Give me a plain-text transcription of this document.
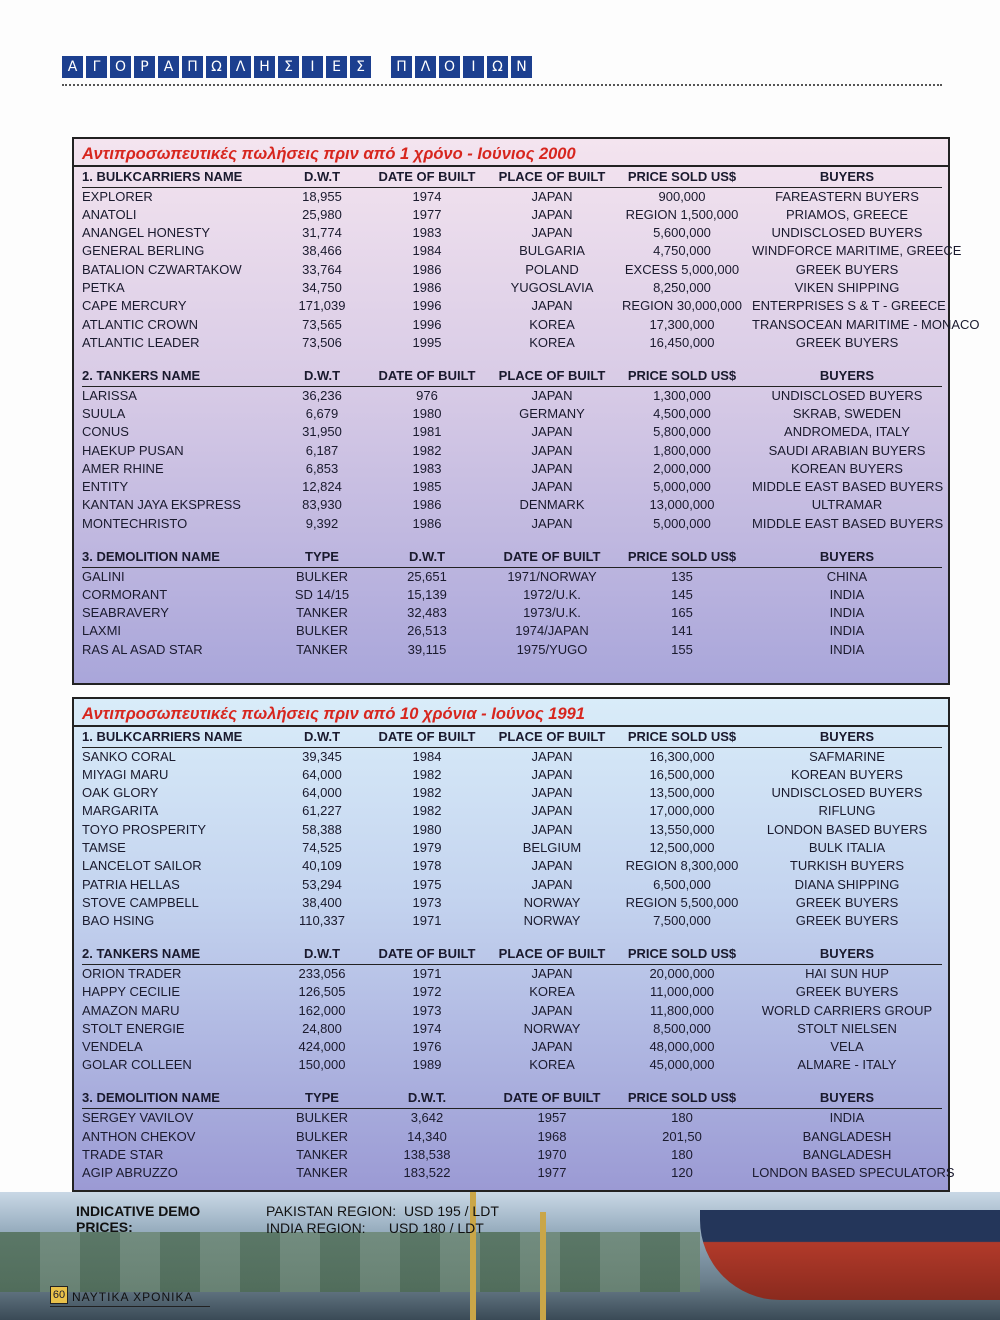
Α	Γ	Ο	Ρ	Α Π Ω Λ Η	Σ	Ι	Ε	Σ	Π Λ Ο	Ι	Ω Ν
Αντιπροσωπευτικές πωλήσεις πριν από 1 χρόνο - Ιούνιος 2000
1. BULKCARRIERS NAME	D.W.T	DATE OF BUILT	PLACE OF BUILT	PRICE SOLD US$	BUYERS
EXPLORER	18,955	1974	JAPAN	900,000	FAREASTERN BUYERS
ANATOLI	25,980	1977	JAPAN	REGION 1,500,000	PRIAMOS, GREECE
ANANGEL HONESTY	31,774	1983	JAPAN	5,600,000	UNDISCLOSED BUYERS
GENERAL BERLING	38,466	1984	BULGARIA	4,750,000	WINDFORCE MARITIME, GREECE
BATALION CZWARTAKOW	33,764	1986	POLAND	EXCESS 5,000,000	GREEK BUYERS
PETKA	34,750	1986	YUGOSLAVIA	8,250,000	VIKEN SHIPPING
CAPE MERCURY	171,039	1996	JAPAN	REGION 30,000,000	ENTERPRISES S & T - GREECE
ATLANTIC CROWN	73,565	1996	KOREA	17,300,000	TRANSOCEAN MARITIME - MONACO
ATLANTIC LEADER	73,506	1995	KOREA	16,450,000	GREEK BUYERS

2. TANKERS NAME	D.W.T	DATE OF BUILT	PLACE OF BUILT	PRICE SOLD US$	BUYERS
LARISSA	36,236	976	JAPAN	1,300,000	UNDISCLOSED BUYERS
SUULA	6,679	1980	GERMANY	4,500,000	SKRAB, SWEDEN
CONUS	31,950	1981	JAPAN	5,800,000	ANDROMEDA, ITALY
HAEKUP PUSAN	6,187	1982	JAPAN	1,800,000	SAUDI ARABIAN BUYERS
AMER RHINE	6,853	1983	JAPAN	2,000,000	KOREAN BUYERS
ENTITY	12,824	1985	JAPAN	5,000,000	MIDDLE EAST BASED BUYERS
KANTAN JAYA EKSPRESS	83,930	1986	DENMARK	13,000,000	ULTRAMAR
MONTECHRISTO	9,392	1986	JAPAN	5,000,000	MIDDLE EAST BASED BUYERS

3. DEMOLITION NAME	TYPE	D.W.T	DATE OF BUILT	PRICE SOLD US$	BUYERS
GALINI	BULKER	25,651	1971/NORWAY	135	CHINA
CORMORANT	SD 14/15	15,139	1972/U.K.	145	INDIA
SEABRAVERY	TANKER	32,483	1973/U.K.	165	INDIA
LAXMI	BULKER	26,513	1974/JAPAN	141	INDIA
RAS AL ASAD STAR	TANKER	39,115	1975/YUGO	155	INDIA
Αντιπροσωπευτικές πωλήσεις πριν από 10 χρόνια - Ιούνος 1991
1. BULKCARRIERS NAME	D.W.T	DATE OF BUILT	PLACE OF BUILT	PRICE SOLD US$	BUYERS
SANKO CORAL	39,345	1984	JAPAN	16,300,000	SAFMARINE
MIYAGI MARU	64,000	1982	JAPAN	16,500,000	KOREAN BUYERS
OAK GLORY	64,000	1982	JAPAN	13,500,000	UNDISCLOSED BUYERS
MARGARITA	61,227	1982	JAPAN	17,000,000	RIFLUNG
TOYO PROSPERITY	58,388	1980	JAPAN	13,550,000	LONDON BASED BUYERS
TAMSE	74,525	1979	BELGIUM	12,500,000	BULK ITALIA
LANCELOT SAILOR	40,109	1978	JAPAN	REGION 8,300,000	TURKISH BUYERS
PATRIA HELLAS	53,294	1975	JAPAN	6,500,000	DIANA SHIPPING
STOVE CAMPBELL	38,400	1973	NORWAY	REGION 5,500,000	GREEK BUYERS
BAO HSING	110,337	1971	NORWAY	7,500,000	GREEK BUYERS

2. TANKERS NAME	D.W.T	DATE OF BUILT	PLACE OF BUILT	PRICE SOLD US$	BUYERS
ORION TRADER	233,056	1971	JAPAN	20,000,000	HAI SUN HUP
HAPPY CECILIE	126,505	1972	KOREA	11,000,000	GREEK BUYERS
AMAZON MARU	162,000	1973	JAPAN	11,800,000	WORLD CARRIERS GROUP
STOLT ENERGIE	24,800	1974	NORWAY	8,500,000	STOLT NIELSEN
VENDELA	424,000	1976	JAPAN	48,000,000	VELA
GOLAR COLLEEN	150,000	1989	KOREA	45,000,000	ALMARE - ITALY

3. DEMOLITION NAME	TYPE	D.W.T.	DATE OF BUILT	PRICE SOLD US$	BUYERS
SERGEY VAVILOV	BULKER	3,642	1957	180	INDIA
ANTHON CHEKOV	BULKER	14,340	1968	201,50	BANGLADESH
TRADE STAR	TANKER	138,538	1970	180	BANGLADESH
AGIP ABRUZZO	TANKER	183,522	1977	120	LONDON BASED SPECULATORS
INDICATIVE DEMO PRICES:
PAKISTAN REGION:  USD 195 / LDT
INDIA REGION:      USD 180 / LDT
60 ΝΑΥΤΙΚΑ ΧΡΟΝΙΚΑ
